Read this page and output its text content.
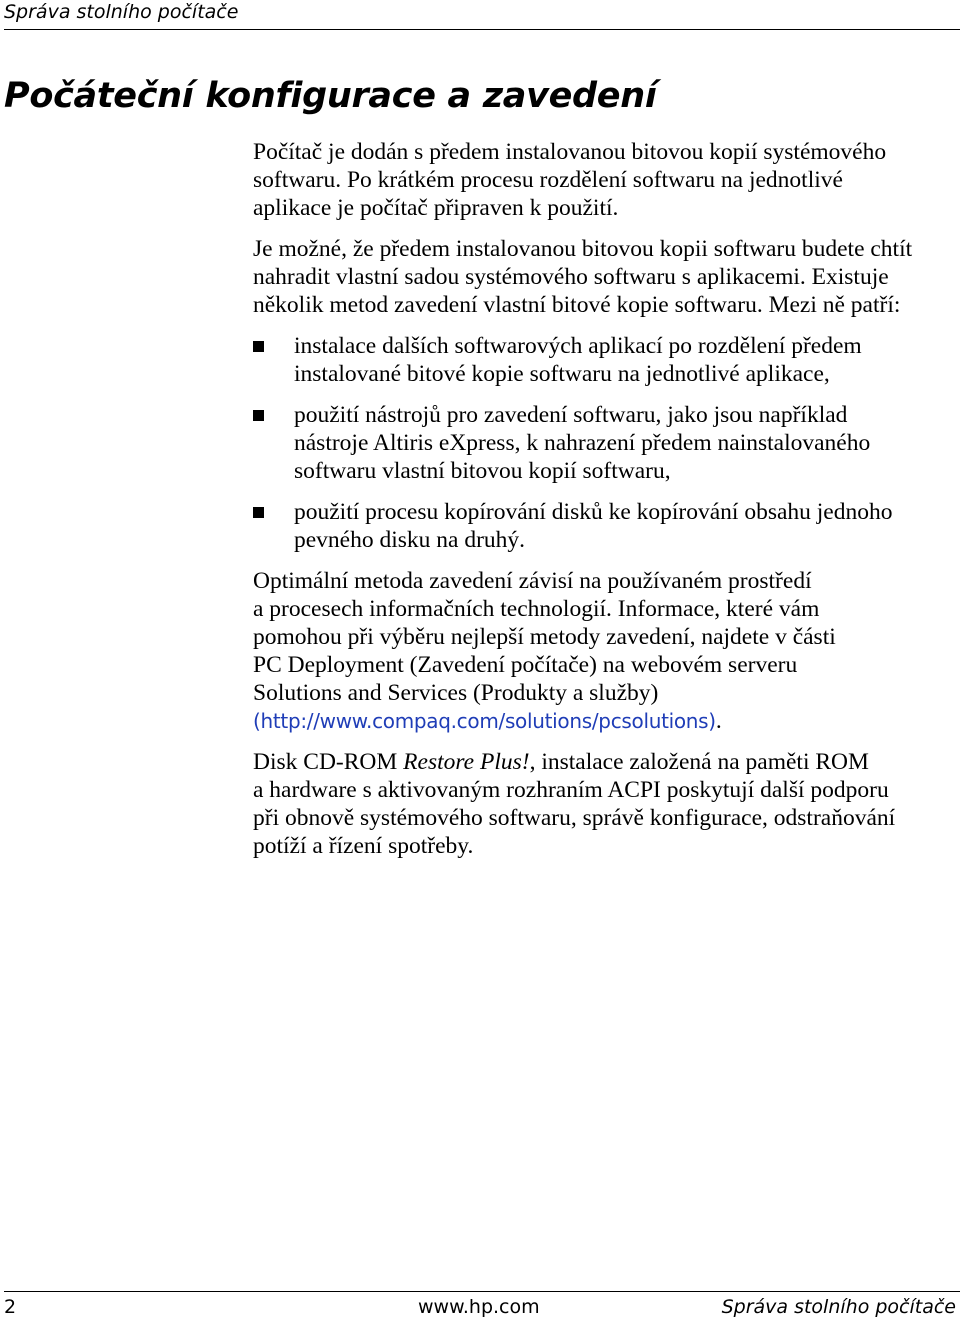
Správa stolního počítače
Počáteční konfigurace a zavedení

Počítač je dodán s předem instalovanou bitovou kopií systémového
softwaru. Po krátkém procesu rozdělení softwaru na jednotlivé
aplikace je počítač připraven k použití.

Je možné, že předem instalovanou bitovou kopii softwaru budete chtít
nahradit vlastní sadou systémového softwaru s aplikacemi. Existuje
několik metod zavedení vlastní bitové kopie softwaru. Mezi ně patří:

instalace dalších softwarových aplikací po rozdělení předem
instalované bitové kopie softwaru na jednotlivé aplikace,
použití nástrojů pro zavedení softwaru, jako jsou například
nástroje Altiris eXpress, k nahrazení předem nainstalovaného
softwaru vlastní bitovou kopií softwaru,
použití procesu kopírování disků ke kopírování obsahu jednoho
pevného disku na druhý.

Optimální metoda zavedení závisí na používaném prostředí
a procesech informačních technologií. Informace, které vám
pomohou při výběru nejlepší metody zavedení, najdete v části
PC Deployment (Zavedení počítače) na webovém serveru
Solutions and Services (Produkty a služby)
(http://www.compaq.com/solutions/pcsolutions).

Disk CD-ROM Restore Plus!, instalace založená na paměti ROM
a hardware s aktivovaným rozhraním ACPI poskytují další podporu
při obnově systémového softwaru, správě konfigurace, odstraňování
potíží a řízení spotřeby.

2	www.hp.com	Správa stolního počítače
